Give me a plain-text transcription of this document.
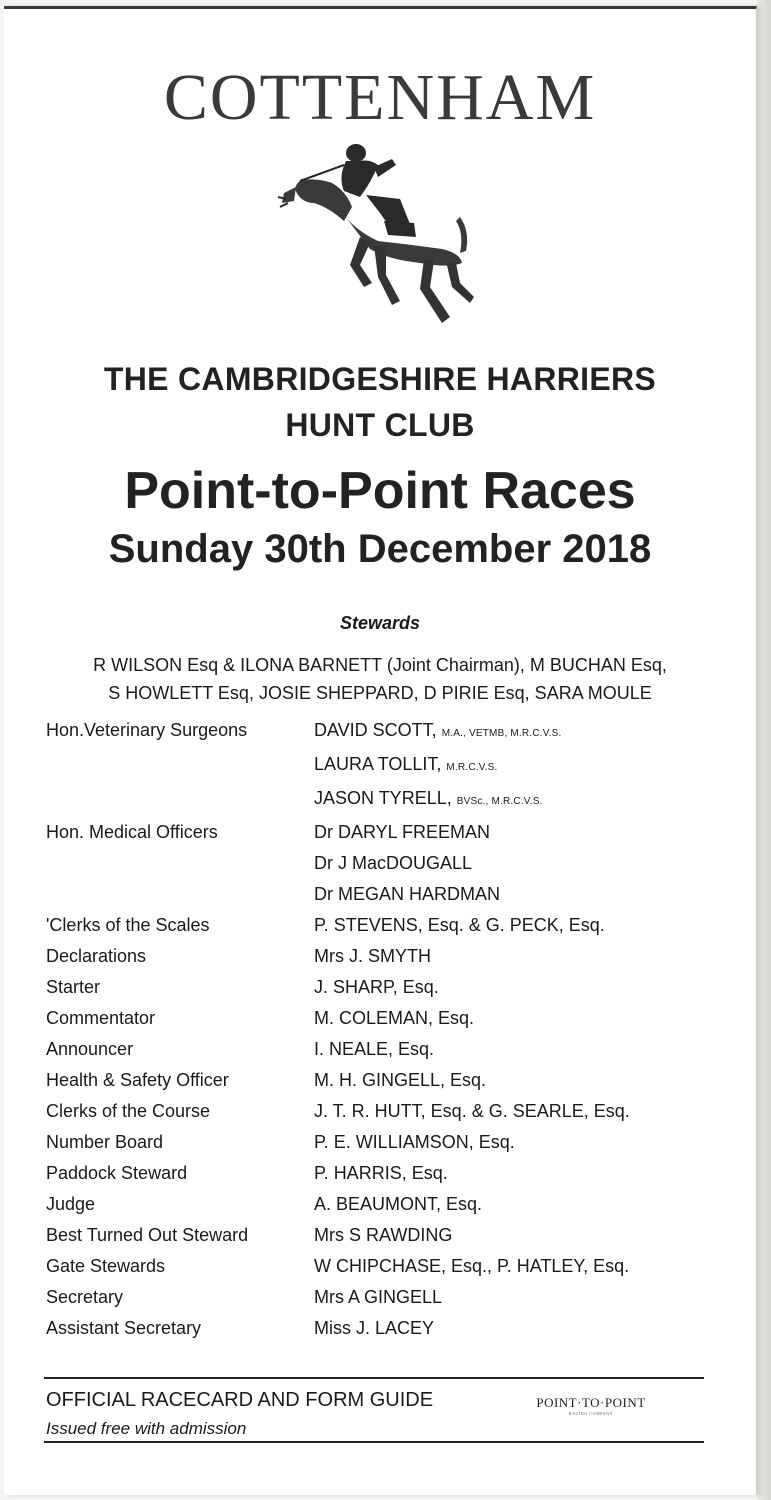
COTTENHAM
THE CAMBRIDGESHIRE HARRIERS
HUNT CLUB
Point-to-Point Races
Sunday 30th December 2018

Stewards

R WILSON Esq & ILONA BARNETT (Joint Chairman), M BUCHAN Esq,

S HOWLETT Esq, JOSIE SHEPPARD, D PIRIE Esq, SARA MOULE

Hon.Veterinary Surgeons	DAVID SCOTT, M.A., VETMB, M.R.C.V.S.
LAURA TOLLIT, M.R.C.V.S.
JASON TYRELL, BVSc., M.R.C.V.S.
Hon. Medical Officers	Dr DARYL FREEMAN
Dr J MacDOUGALL
Dr MEGAN HARDMAN
'Clerks of the Scales	P. STEVENS, Esq. & G. PECK, Esq.
Declarations	Mrs J. SMYTH
Starter	J. SHARP, Esq.
Commentator	M. COLEMAN, Esq.
Announcer	I. NEALE, Esq.
Health & Safety Officer	M. H. GINGELL, Esq.
Clerks of the Course	J. T. R. HUTT, Esq. & G. SEARLE, Esq.
Number Board	P. E. WILLIAMSON, Esq.
Paddock Steward	P. HARRIS, Esq.
Judge	A. BEAUMONT, Esq.
Best Turned Out Steward	Mrs S RAWDING
Gate Stewards	W CHIPCHASE, Esq., P. HATLEY, Esq.
Secretary	Mrs A GINGELL
Assistant Secretary	Miss J. LACEY

OFFICIAL RACECARD AND FORM GUIDE

Issued free with admission

POINT·TO·POINT
RACING COMPANY
